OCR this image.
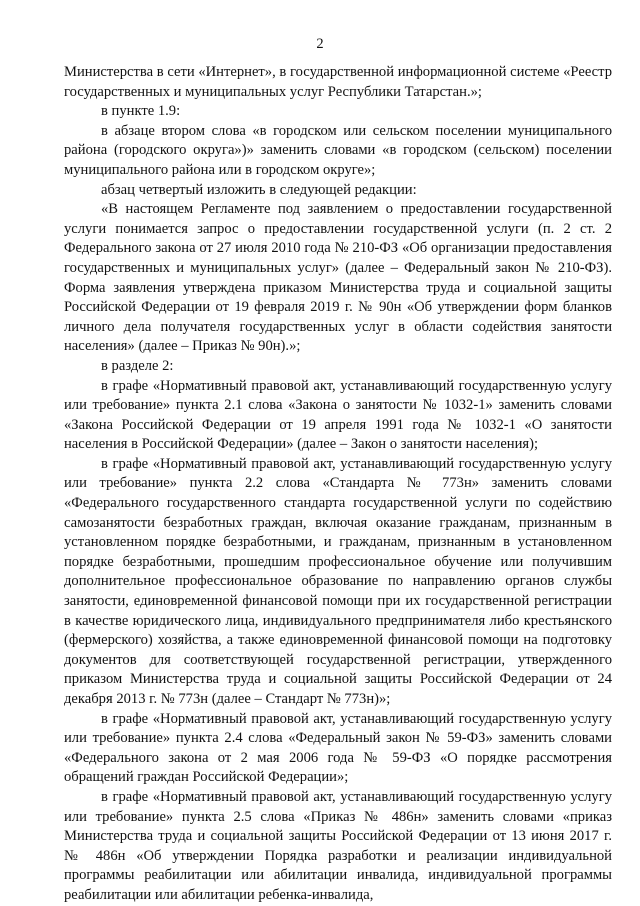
2

Министерства в сети «Интернет», в государственной информационной системе «Реестр государственных и муниципальных услуг Республики Татарстан.»;

в пункте 1.9:

в абзаце втором слова «в городском или сельском поселении муниципального района (городского округа»)» заменить словами «в городском (сельском) поселении муниципального района или в городском округе»;

абзац четвертый изложить в следующей редакции:

«В настоящем Регламенте под заявлением о предоставлении государственной услуги понимается запрос о предоставлении государственной услуги (п. 2 ст. 2 Федерального закона от 27 июля 2010 года № 210-ФЗ «Об организации предоставления государственных и муниципальных услуг» (далее – Федеральный закон № 210-ФЗ). Форма заявления утверждена приказом Министерства труда и социальной защиты Российской Федерации от 19 февраля 2019 г. № 90н «Об утверждении форм бланков личного дела получателя государственных услуг в области содействия занятости населения» (далее – Приказ № 90н).»;

в разделе 2:

в графе «Нормативный правовой акт, устанавливающий государственную услугу или требование» пункта 2.1 слова «Закона о занятости № 1032-1» заменить словами «Закона Российской Федерации от 19 апреля 1991 года № 1032-1 «О занятости населения в Российской Федерации» (далее – Закон о занятости населения);

в графе «Нормативный правовой акт, устанавливающий государственную услугу или требование» пункта 2.2 слова «Стандарта № 773н» заменить словами «Федерального государственного стандарта государственной услуги по содействию самозанятости безработных граждан, включая оказание гражданам, признанным в установленном порядке безработными, и гражданам, признанным в установленном порядке безработными, прошедшим профессиональное обучение или получившим дополнительное профессиональное образование по направлению органов службы занятости, единовременной финансовой помощи при их государственной регистрации в качестве юридического лица, индивидуального предпринимателя либо крестьянского (фермерского) хозяйства, а также единовременной финансовой помощи на подготовку документов для соответствующей государственной регистрации, утвержденного приказом Министерства труда и социальной защиты Российской Федерации от 24 декабря 2013 г. № 773н (далее – Стандарт № 773н)»;

в графе «Нормативный правовой акт, устанавливающий государственную услугу или требование» пункта 2.4 слова «Федеральный закон № 59-ФЗ» заменить словами «Федерального закона от 2 мая 2006 года № 59-ФЗ «О порядке рассмотрения обращений граждан Российской Федерации»;

в графе «Нормативный правовой акт, устанавливающий государственную услугу или требование» пункта 2.5 слова «Приказ № 486н» заменить словами «приказ Министерства труда и социальной защиты Российской Федерации от 13 июня 2017 г. № 486н «Об утверждении Порядка разработки и реализации индивидуальной программы реабилитации или абилитации инвалида, индивидуальной программы реабилитации или абилитации ребенка-инвалида,
